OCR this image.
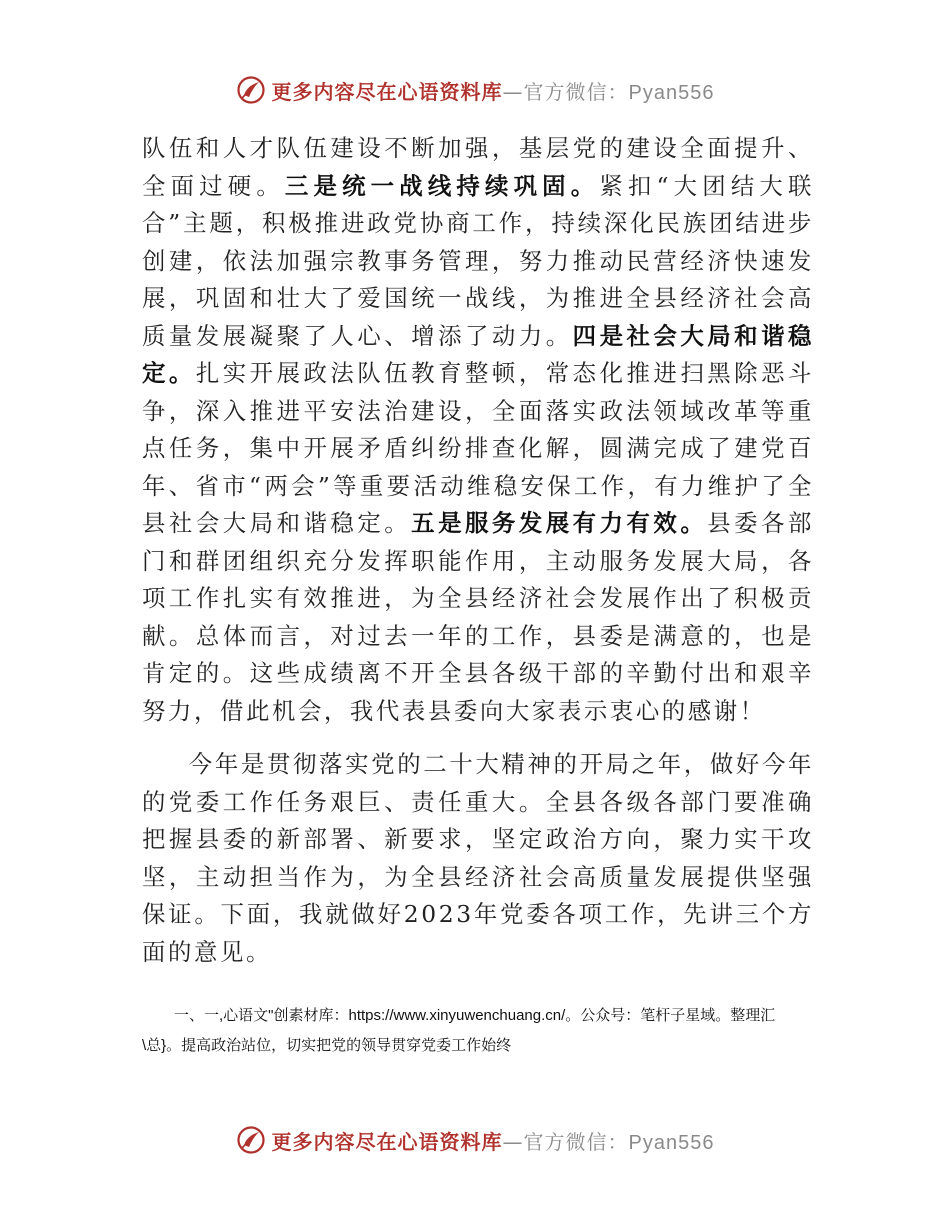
更多内容尽在心语资料库—官方微信：Pyan556

队伍和人才队伍建设不断加强，基层党的建设全面提升、全面过硬。三是统一战线持续巩固。紧扣“大团结大联合”主题，积极推进政党协商工作，持续深化民族团结进步创建，依法加强宗教事务管理，努力推动民营经济快速发展，巩固和壮大了爱国统一战线，为推进全县经济社会高质量发展凝聚了人心、增添了动力。四是社会大局和谐稳定。扎实开展政法队伍教育整顿，常态化推进扫黑除恶斗争，深入推进平安法治建设，全面落实政法领域改革等重点任务，集中开展矛盾纠纷排查化解，圆满完成了建党百年、省市“两会”等重要活动维稳安保工作，有力维护了全县社会大局和谐稳定。五是服务发展有力有效。县委各部门和群团组织充分发挥职能作用，主动服务发展大局，各项工作扎实有效推进，为全县经济社会发展作出了积极贡献。总体而言，对过去一年的工作，县委是满意的，也是肯定的。这些成绩离不开全县各级干部的辛勤付出和艰辛努力，借此机会，我代表县委向大家表示衷心的感谢！

今年是贯彻落实党的二十大精神的开局之年，做好今年的党委工作任务艰巨、责任重大。全县各级各部门要准确把握县委的新部署、新要求，坚定政治方向，聚力实干攻坚，主动担当作为，为全县经济社会高质量发展提供坚强保证。下面，我就做好2023年党委各项工作，先讲三个方面的意见。

一、一,心语文"创素材库：https://www.xinyuwenchuang.cn/。公众号：笔杆子星域。整理汇\总}。提高政治站位，切实把党的领导贯穿党委工作始终

更多内容尽在心语资料库—官方微信：Pyan556
